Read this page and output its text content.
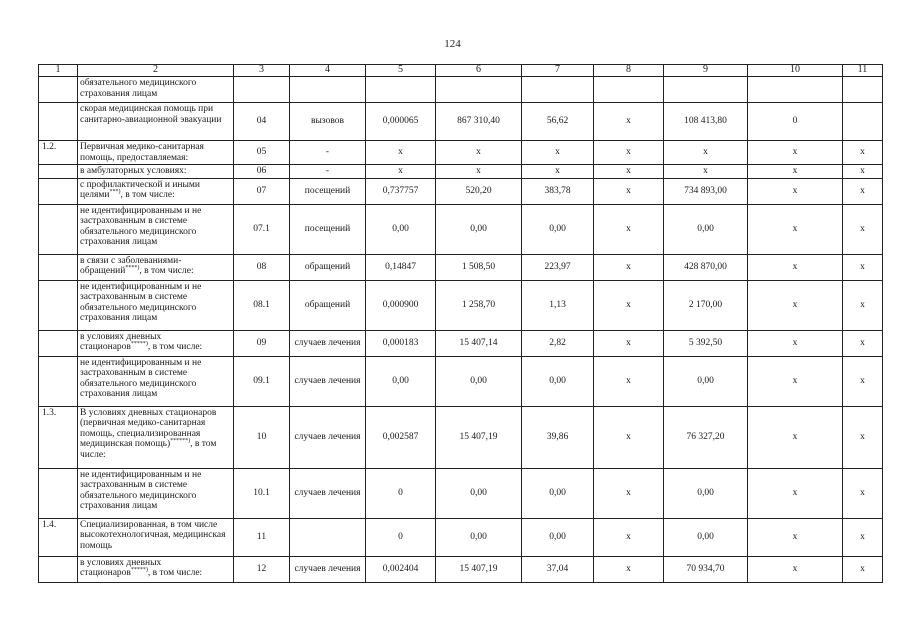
124
1	2	3	4	5	6	7	8	9	10	11
	обязательного медицинского страхования лицам									
	скорая медицинская помощь при санитарно-авиационной эвакуации	04	вызовов	0,000065	867 310,40	56,62	x	108 413,80	0	
1.2.	Первичная медико-санитарная помощь, предоставляемая:	05	-	x	x	x	x	x	x	x
	в амбулаторных условиях:	06	-	x	x	x	x	x	x	x
	с профилактической и иными целями***), в том числе:	07	посещений	0,737757	520,20	383,78	x	734 893,00	x	x
	не идентифицированным и не застрахованным в системе обязательного медицинского страхования лицам	07.1	посещений	0,00	0,00	0,00	x	0,00	x	x
	в связи с заболеваниями-обращений****), в том числе:	08	обращений	0,14847	1 508,50	223,97	x	428 870,00	x	x
	не идентифицированным и не застрахованным в системе обязательного медицинского страхования лицам	08.1	обращений	0,000900	1 258,70	1,13	x	2 170,00	x	x
	в условиях дневных стационаров*****), в том числе:	09	случаев лечения	0,000183	15 407,14	2,82	x	5 392,50	x	x
	не идентифицированным и не застрахованным в системе обязательного медицинского страхования лицам	09.1	случаев лечения	0,00	0,00	0,00	x	0,00	x	x
1.3.	В условиях дневных стационаров (первичная медико-санитарная помощь, специализированная медицинская помощь)******), в том числе:	10	случаев лечения	0,002587	15 407,19	39,86	x	76 327,20	x	x
	не идентифицированным и не застрахованным в системе обязательного медицинского страхования лицам	10.1	случаев лечения	0	0,00	0,00	x	0,00	x	x
1.4.	Специализированная, в том числе высокотехнологичная, медицинская помощь	11		0	0,00	0,00	x	0,00	x	x
	в условиях дневных стационаров*****), в том числе:	12	случаев лечения	0,002404	15 407,19	37,04	x	70 934,70	x	x
